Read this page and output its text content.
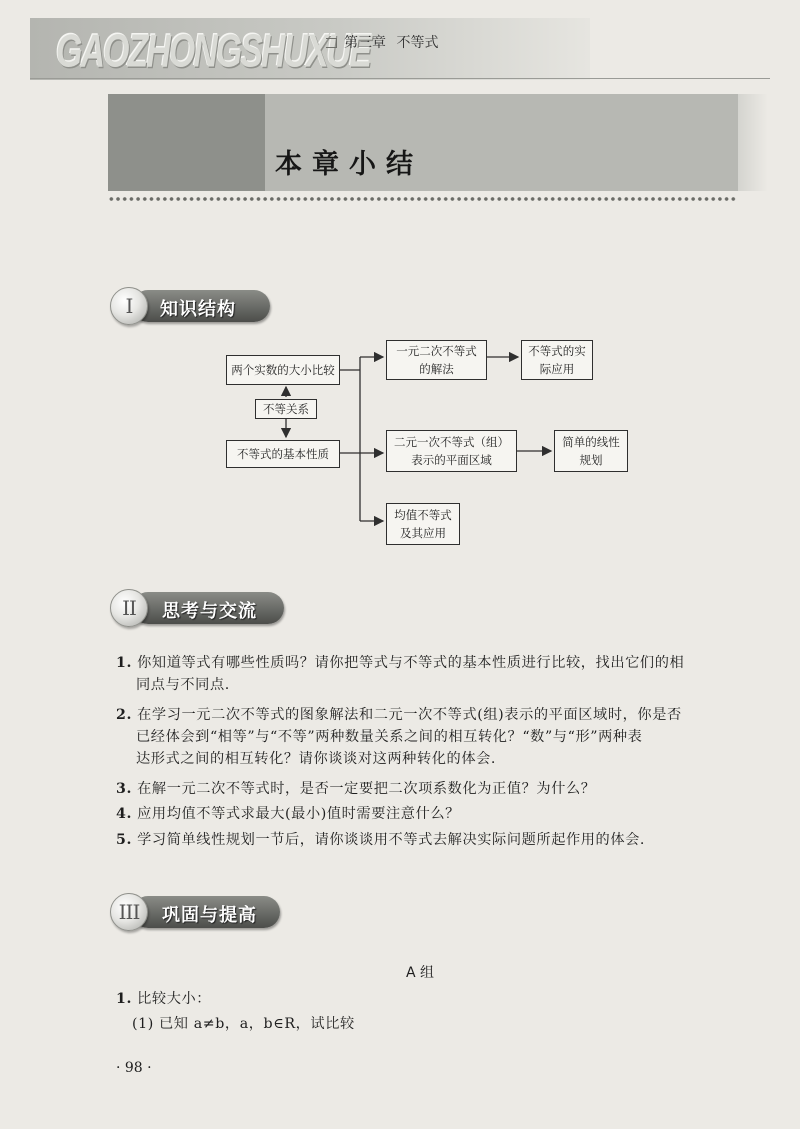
GAOZHONGSHUXUE
第三章 不等式
本章小结
I	知识结构
两个实数的大小比较
不等关系
不等式的基本性质
一元二次不等式
的解法
不等式的实
际应用
二元一次不等式（组）
表示的平面区域
简单的线性
规划
均值不等式
及其应用
II	思考与交流
1. 你知道等式有哪些性质吗？请你把等式与不等式的基本性质进行比较，找出它们的相
同点与不同点.
2. 在学习一元二次不等式的图象解法和二元一次不等式(组)表示的平面区域时，你是否
已经体会到“相等”与“不等”两种数量关系之间的相互转化？“数”与“形”两种表
达形式之间的相互转化？请你谈谈对这两种转化的体会.
3. 在解一元二次不等式时，是否一定要把二次项系数化为正值？为什么？
4. 应用均值不等式求最大(最小)值时需要注意什么？
5. 学习简单线性规划一节后，请你谈谈用不等式去解决实际问题所起作用的体会.
III	巩固与提高
A 组
1. 比较大小：
(1) 已知 a≠b，a，b∈R，试比较
· 98 ·
